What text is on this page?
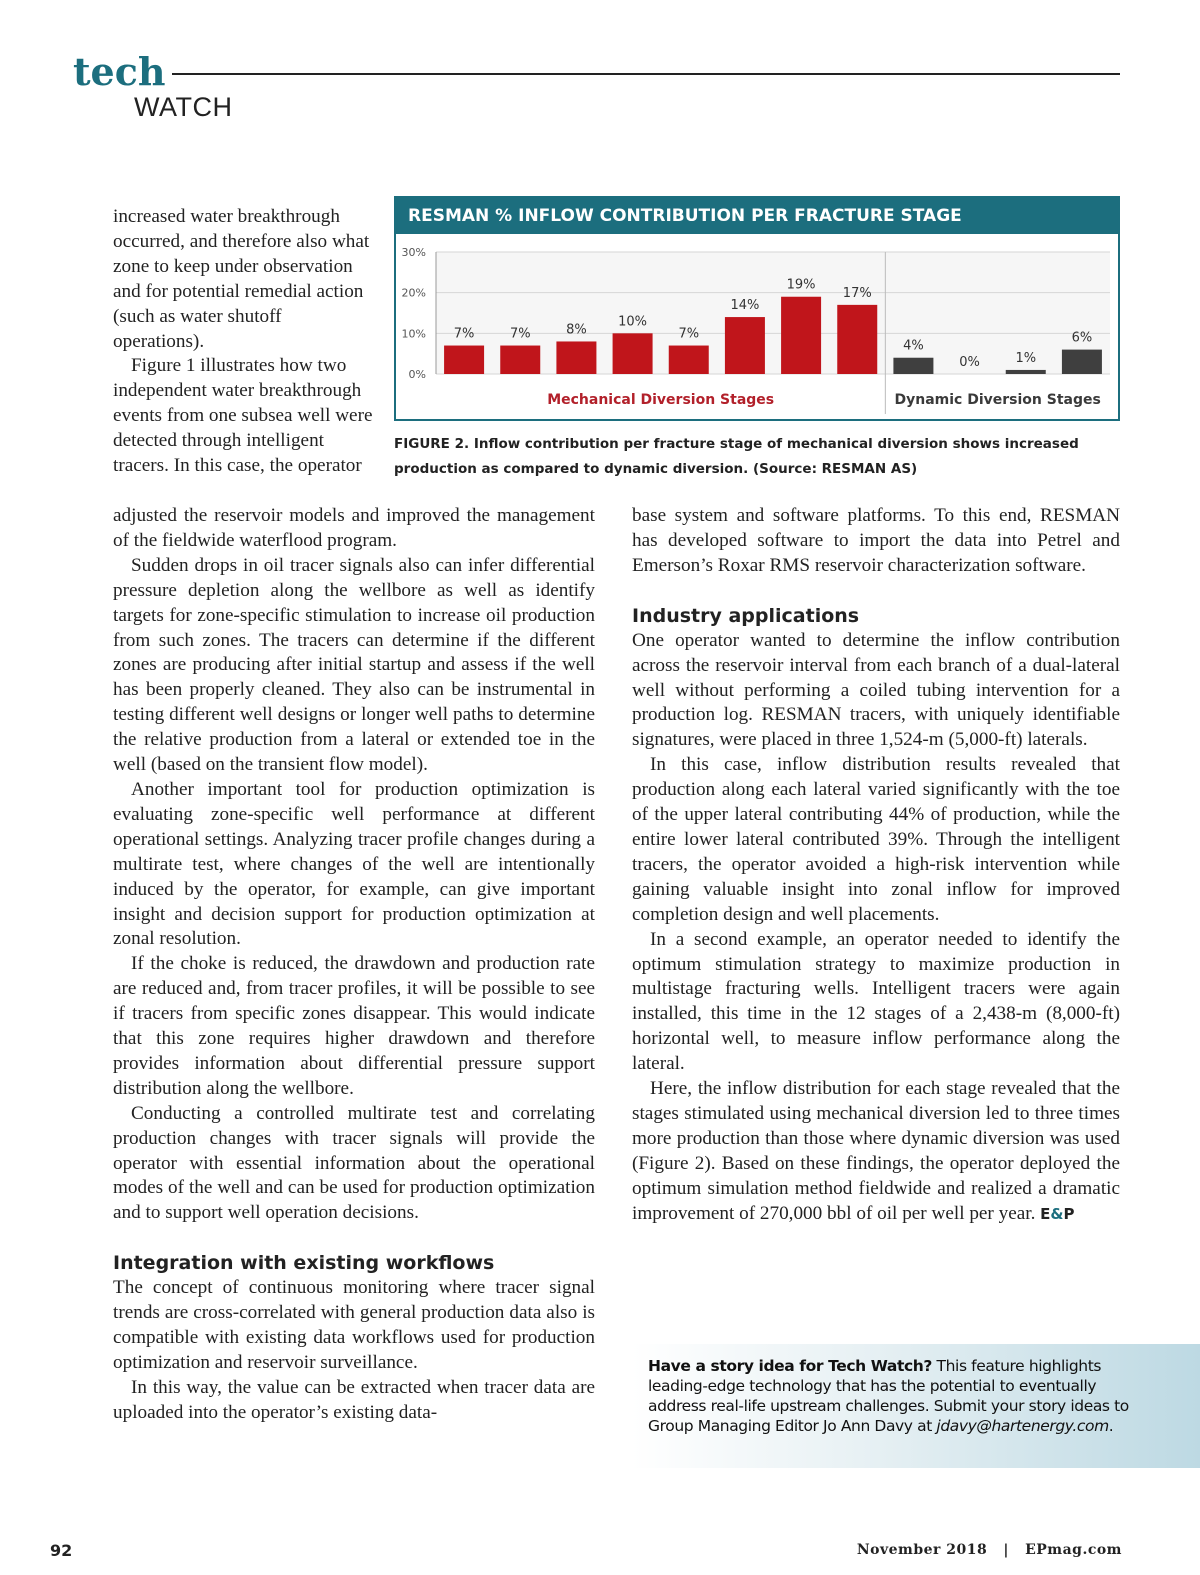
tech
WATCH

increased water breakthrough occurred, and therefore also what zone to keep under observation and for potential remedial action (such as water shutoff operations).

Figure 1 illustrates how two independent water breakthrough events from one subsea well were detected through intelligent tracers. In this case, the operator

RESMAN % INFLOW CONTRIBUTION PER FRACTURE STAGE
0%
10%
20%
30%
7%	7%	8%
10%
7%
14%
19%
17%
4%
0%	1%
6%
Mechanical Diversion Stages	Dynamic Diversion Stages

FIGURE 2. Inflow contribution per fracture stage of mechanical diversion shows increased production as compared to dynamic diversion. (Source: RESMAN AS)

adjusted the reservoir models and improved the management of the fieldwide waterflood program.

Sudden drops in oil tracer signals also can infer differential pressure depletion along the wellbore as well as identify targets for zone-specific stimulation to increase oil production from such zones. The tracers can determine if the different zones are producing after initial startup and assess if the well has been properly cleaned. They also can be instrumental in testing different well designs or longer well paths to determine the relative production from a lateral or extended toe in the well (based on the transient flow model).

Another important tool for production optimization is evaluating zone-specific well performance at different operational settings. Analyzing tracer profile changes during a multirate test, where changes of the well are intentionally induced by the operator, for example, can give important insight and decision support for production optimization at zonal resolution.

If the choke is reduced, the drawdown and production rate are reduced and, from tracer profiles, it will be possible to see if tracers from specific zones disappear. This would indicate that this zone requires higher drawdown and therefore provides information about differential pressure support distribution along the wellbore.

Conducting a controlled multirate test and correlating production changes with tracer signals will provide the operator with essential information about the operational modes of the well and can be used for production optimization and to support well operation decisions.

Integration with existing workflows

The concept of continuous monitoring where tracer signal trends are cross-correlated with general production data also is compatible with existing data workflows used for production optimization and reservoir surveillance.

In this way, the value can be extracted when tracer data are uploaded into the operator’s existing data-

base system and software platforms. To this end, RESMAN has developed software to import the data into Petrel and Emerson’s Roxar RMS reservoir characterization software.

Industry applications

One operator wanted to determine the inflow contribution across the reservoir interval from each branch of a dual-lateral well without performing a coiled tubing intervention for a production log. RESMAN tracers, with uniquely identifiable signatures, were placed in three 1,524-m (5,000-ft) laterals.

In this case, inflow distribution results revealed that production along each lateral varied significantly with the toe of the upper lateral contributing 44% of production, while the entire lower lateral contributed 39%. Through the intelligent tracers, the operator avoided a high-risk intervention while gaining valuable insight into zonal inflow for improved completion design and well placements.

In a second example, an operator needed to identify the optimum stimulation strategy to maximize production in multistage fracturing wells. Intelligent tracers were again installed, this time in the 12 stages of a 2,438-m (8,000-ft) horizontal well, to measure inflow performance along the lateral.

Here, the inflow distribution for each stage revealed that the stages stimulated using mechanical diversion led to three times more production than those where dynamic diversion was used (Figure 2). Based on these findings, the operator deployed the optimum simulation method fieldwide and realized a dramatic improvement of 270,000 bbl of oil per well per year. E&P

Have a story idea for Tech Watch? This feature highlights leading-edge technology that has the potential to eventually address real-life upstream challenges. Submit your story ideas to Group Managing Editor Jo Ann Davy at jdavy@hartenergy.com.

92	November 2018 | EPmag.com
